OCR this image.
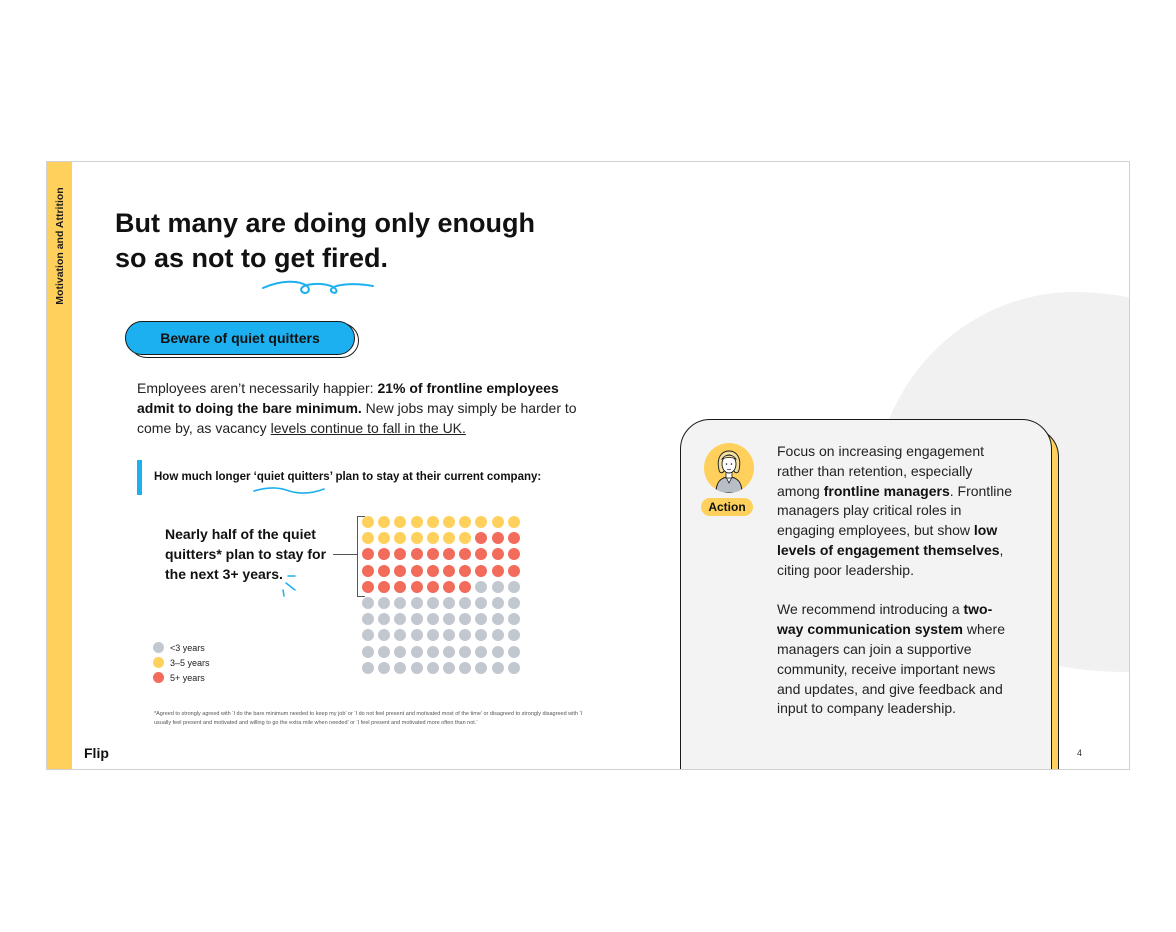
Motivation and Attrition But many are doing only enough
so as not to get fired.
Beware of quiet quitters
Employees aren’t necessarily happier: 21% of frontline employees admit to doing the bare minimum. New jobs may simply be harder to come by, as vacancy levels continue to fall in the UK.
How much longer ‘quiet quitters’ plan to stay at their current company:
Nearly half of the quiet quitters* plan to stay for the next 3+ years.
<3 years
3–5 years
5+ years
*Agreed to strongly agreed with ‘I do the bare minimum needed to keep my job’ or ‘I do not feel present and motivated most of the time’ or disagreed to strongly disagreed with ‘I usually feel present and motivated and willing to go the extra mile when needed’ or ‘I feel present and motivated more often than not.’
Flip	4
Action

Focus on increasing engagement rather than retention, especially among frontline managers. Frontline managers play critical roles in engaging employees, but show low levels of engagement themselves, citing poor leadership.

We recommend introducing a two-way communication system where managers can join a supportive community, receive important news and updates, and give feedback and input to company leadership.
